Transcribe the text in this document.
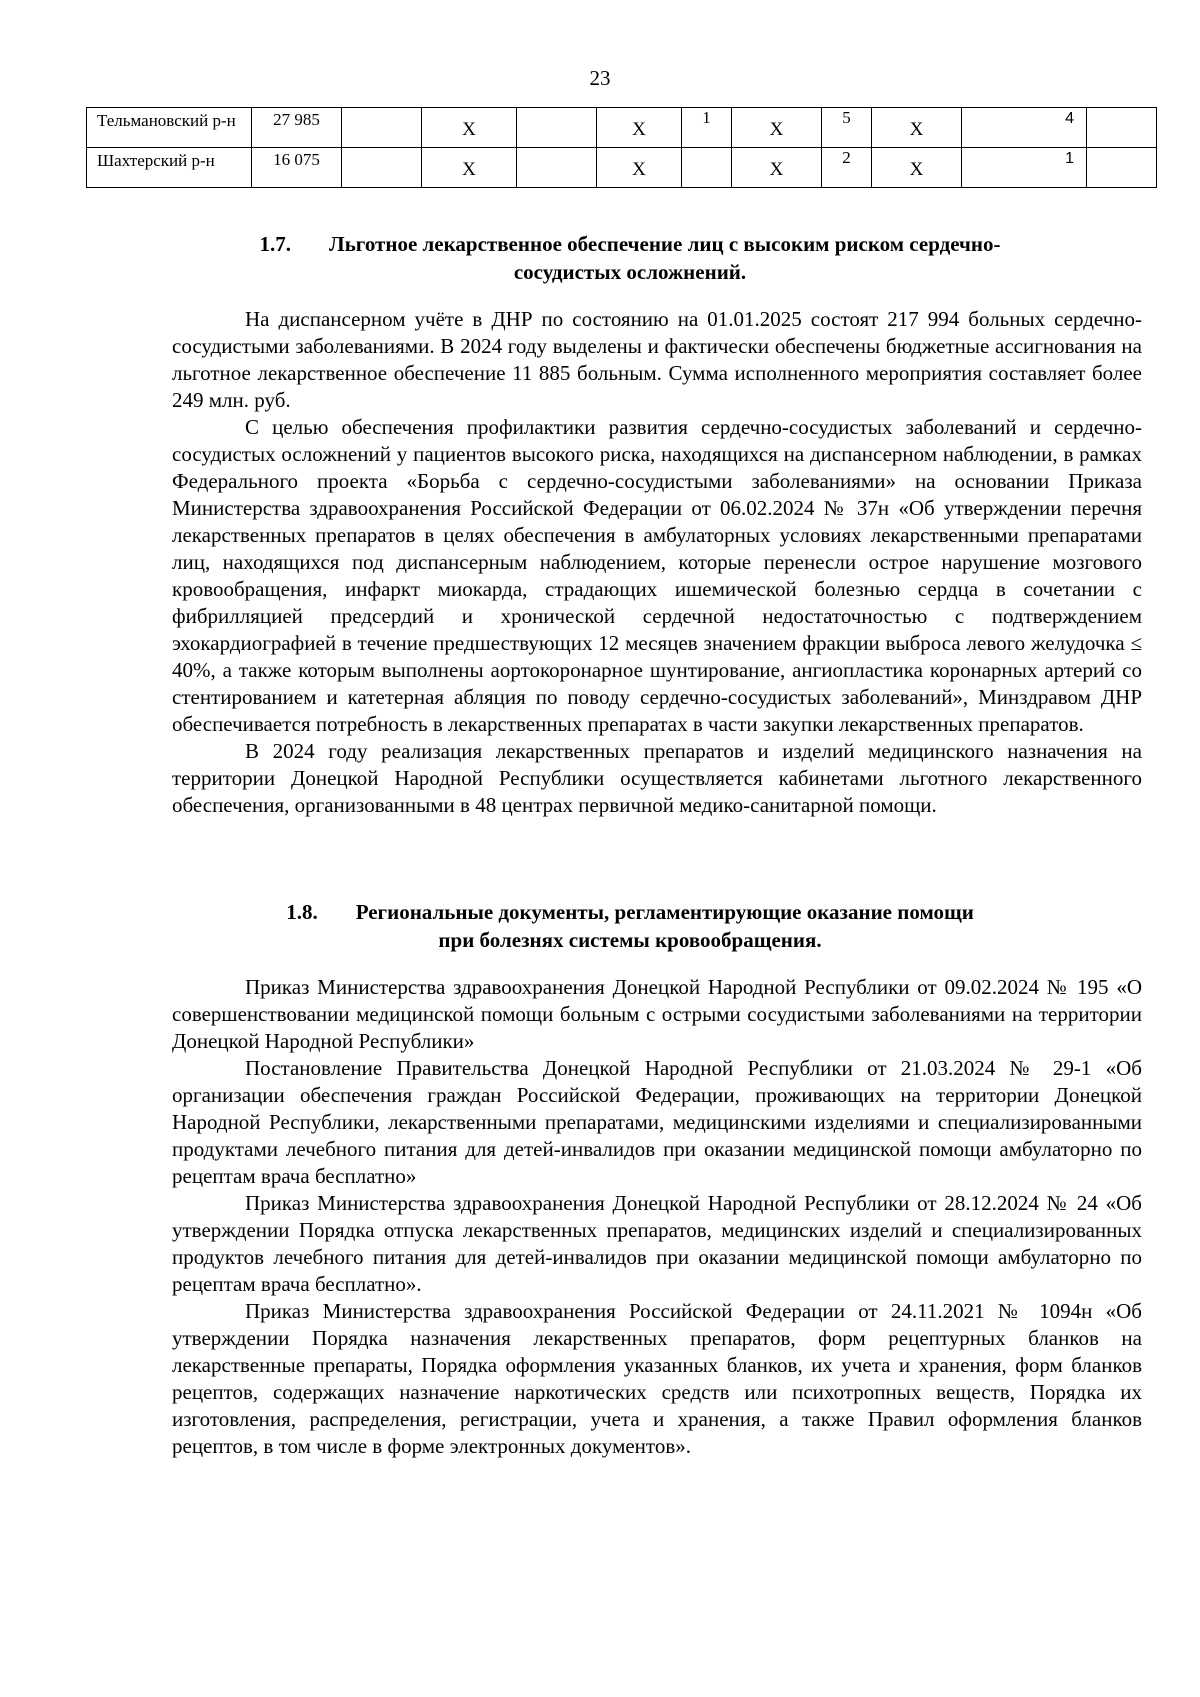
23
Тельмановский р-н	27 985		X		X	1	X	5	X	4	
Шахтерский р-н	16 075		X		X		X	2	X	1	
1.7. Льготное лекарственное обеспечение лиц с высоким риском сердечно-
сосудистых осложнений.

На диспансерном учёте в ДНР по состоянию на 01.01.2025 состоят 217 994 больных сердечно-сосудистыми заболеваниями. В 2024 году выделены и фактически обеспечены бюджетные ассигнования на льготное лекарственное обеспечение 11 885 больным. Сумма исполненного мероприятия составляет более 249 млн. руб.

С целью обеспечения профилактики развития сердечно-сосудистых заболеваний и сердечно-сосудистых осложнений у пациентов высокого риска, находящихся на диспансерном наблюдении, в рамках Федерального проекта «Борьба с сердечно-сосудистыми заболеваниями» на основании Приказа Министерства здравоохранения Российской Федерации от 06.02.2024 № 37н «Об утверждении перечня лекарственных препаратов в целях обеспечения в амбулаторных условиях лекарственными препаратами лиц, находящихся под диспансерным наблюдением, которые перенесли острое нарушение мозгового кровообращения, инфаркт миокарда, страдающих ишемической болезнью сердца в сочетании с фибрилляцией предсердий и хронической сердечной недостаточностью с подтверждением эхокардиографией в течение предшествующих 12 месяцев значением фракции выброса левого желудочка ≤ 40%, а также которым выполнены аортокоронарное шунтирование, ангиопластика коронарных артерий со стентированием и катетерная абляция по поводу сердечно-сосудистых заболеваний», Минздравом ДНР обеспечивается потребность в лекарственных препаратах в части закупки лекарственных препаратов.

В 2024 году реализация лекарственных препаратов и изделий медицинского назначения на территории Донецкой Народной Республики осуществляется кабинетами льготного лекарственного обеспечения, организованными в 48 центрах первичной медико-санитарной помощи.

1.8. Региональные документы, регламентирующие оказание помощи
при болезнях системы кровообращения.

Приказ Министерства здравоохранения Донецкой Народной Республики от 09.02.2024 № 195 «О совершенствовании медицинской помощи больным с острыми сосудистыми заболеваниями на территории Донецкой Народной Республики»

Постановление Правительства Донецкой Народной Республики от 21.03.2024 № 29-1 «Об организации обеспечения граждан Российской Федерации, проживающих на территории Донецкой Народной Республики, лекарственными препаратами, медицинскими изделиями и специализированными продуктами лечебного питания для детей-инвалидов при оказании медицинской помощи амбулаторно по рецептам врача бесплатно»

Приказ Министерства здравоохранения Донецкой Народной Республики от 28.12.2024 № 24 «Об утверждении Порядка отпуска лекарственных препаратов, медицинских изделий и специализированных продуктов лечебного питания для детей-инвалидов при оказании медицинской помощи амбулаторно по рецептам врача бесплатно».

Приказ Министерства здравоохранения Российской Федерации от 24.11.2021 № 1094н «Об утверждении Порядка назначения лекарственных препаратов, форм рецептурных бланков на лекарственные препараты, Порядка оформления указанных бланков, их учета и хранения, форм бланков рецептов, содержащих назначение наркотических средств или психотропных веществ, Порядка их изготовления, распределения, регистрации, учета и хранения, а также Правил оформления бланков рецептов, в том числе в форме электронных документов».
